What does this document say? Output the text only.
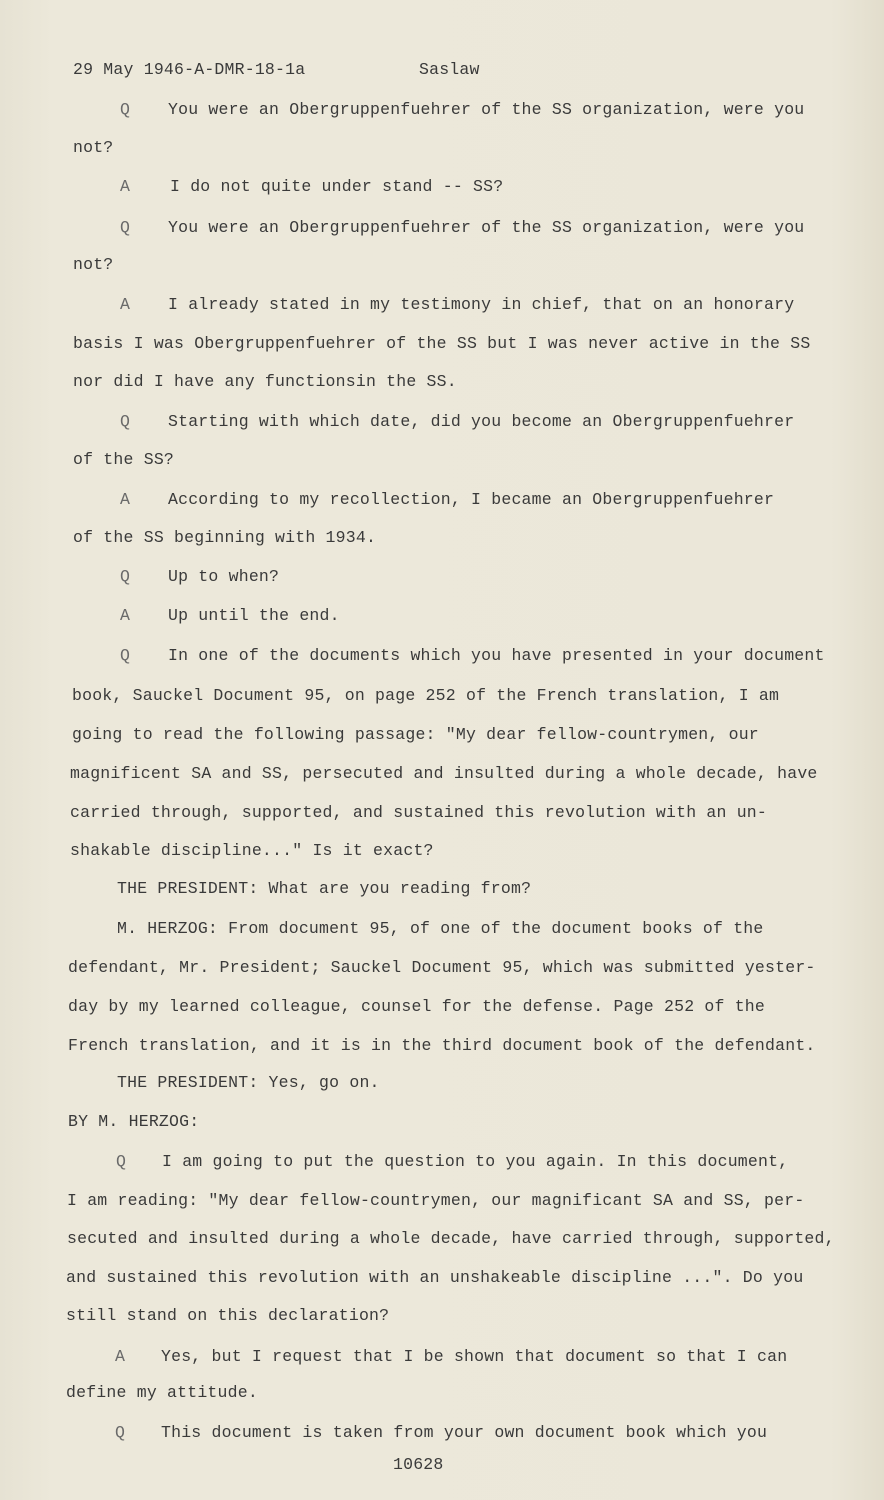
29 May 1946-A-DMR-18-1a	Saslaw
Q You were an Obergruppenfuehrer of the SS organization, were you
not?
A I do not quite under stand -- SS?
Q You were an Obergruppenfuehrer of the SS organization, were you
not?
A I already stated in my testimony in chief, that on an honorary
basis I was Obergruppenfuehrer of the SS but I was never active in the SS
nor did I have any functionsin the SS.
Q Starting with which date, did you become an Obergruppenfuehrer
of the SS?
A According to my recollection, I became an Obergruppenfuehrer
of the SS beginning with 1934.
Q Up to when?
A Up until the end.
Q In one of the documents which you have presented in your document
book, Sauckel Document 95, on page 252 of the French translation, I am
going to read the following passage: "My dear fellow-countrymen, our
magnificent SA and SS, persecuted and insulted during a whole decade, have
carried through, supported, and sustained this revolution with an un-
shakable discipline..." Is it exact?
THE PRESIDENT: What are you reading from?
M. HERZOG: From document 95, of one of the document books of the
defendant, Mr. President; Sauckel Document 95, which was submitted yester-
day by my learned colleague, counsel for the defense. Page 252 of the
French translation, and it is in the third document book of the defendant.
THE PRESIDENT: Yes, go on.
BY M. HERZOG:
Q I am going to put the question to you again. In this document,
I am reading: "My dear fellow-countrymen, our magnificant SA and SS, per-
secuted and insulted during a whole decade, have carried through, supported,
and sustained this revolution with an unshakeable discipline ...". Do you
still stand on this declaration?
A Yes, but I request that I be shown that document so that I can
define my attitude.
Q This document is taken from your own document book which you
10628
